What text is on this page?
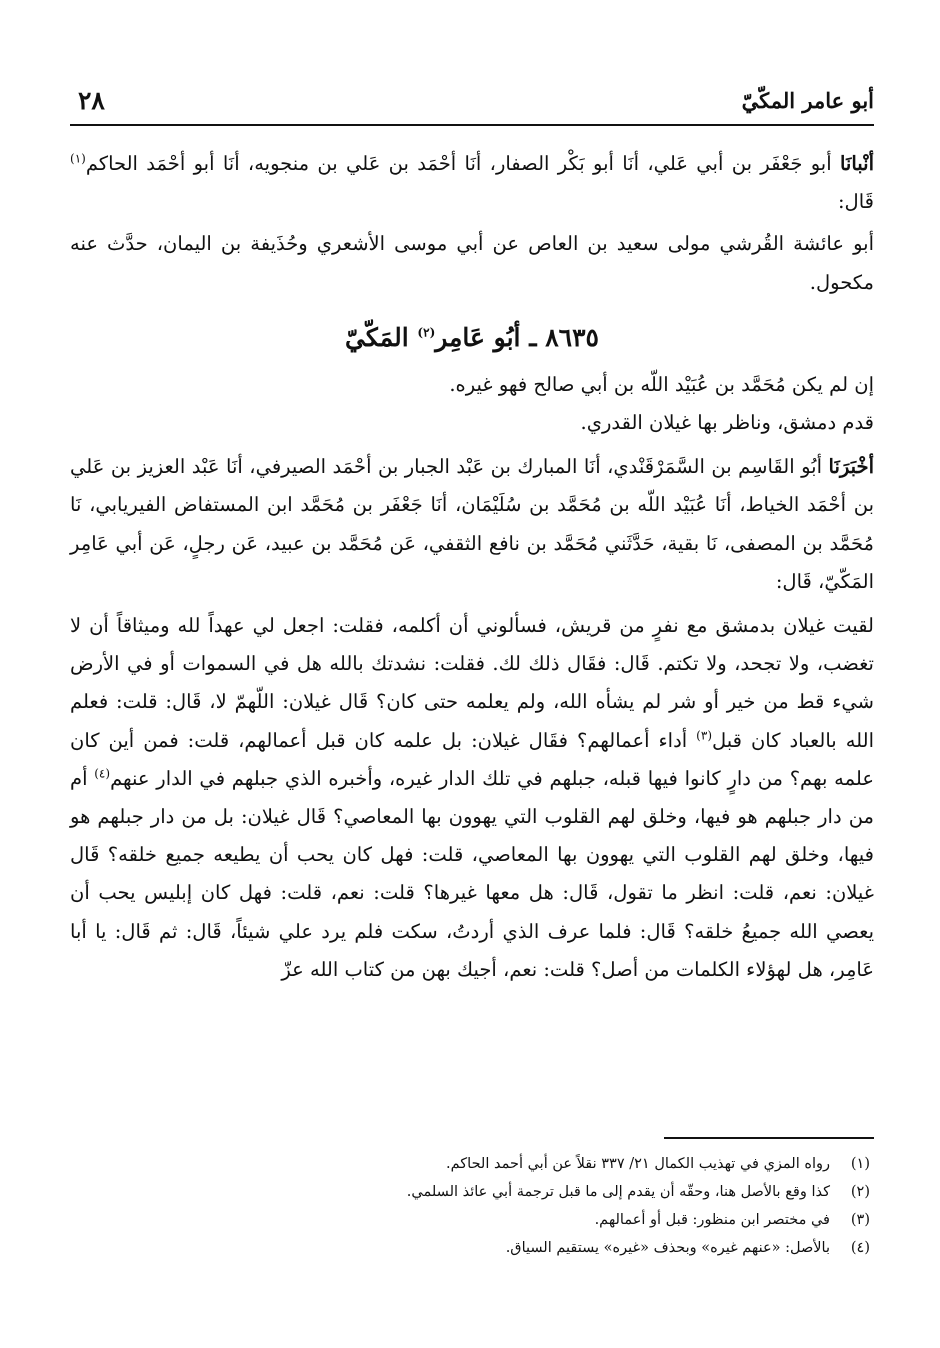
أبو عامر المكّيّ
٢٨

أنْبانَا أبو جَعْفَر بن أبي عَلي، أنَا أبو بَكْر الصفار، أنَا أحْمَد بن عَلي بن منجويه، أنَا أبو أحْمَد الحاكم$^{(١)}$ قَال:

أبو عائشة القُرشي مولى سعيد بن العاص عن أبي موسى الأشعري وحُذَيفة بن اليمان، حدَّث عنه مكحول.

٨٦٣٥ ـ أبُو عَامِر$^{(٢)}$ المَكّيّ

إن لم يكن مُحَمَّد بن عُبَيْد اللّه بن أبي صالح فهو غيره.

قدم دمشق، وناظر بها غيلان القدري.

أخْبَرَنَا أبُو القَاسِم بن السَّمَرْقَنْدي، أنَا المبارك بن عَبْد الجبار بن أحْمَد الصيرفي، أنَا عَبْد العزيز بن عَلي بن أحْمَد الخياط، أنَا عُبَيْد اللّه بن مُحَمَّد بن سُلَيْمَان، أنَا جَعْفَر بن مُحَمَّد ابن المستفاض الفيريابي، نَا مُحَمَّد بن المصفى، نَا بقية، حَدَّثَني مُحَمَّد بن نافع الثقفي، عَن مُحَمَّد بن عبيد، عَن رجلٍ، عَن أبي عَامِر المَكّيّ، قَال:

لقيت غيلان بدمشق مع نفرٍ من قريش، فسألوني أن أكلمه، فقلت: اجعل لي عهداً لله وميثاقاً أن لا تغضب، ولا تجحد، ولا تكتم. قَال: فقَال ذلك لك. فقلت: نشدتك بالله هل في السموات أو في الأرض شيء قط من خير أو شر لم يشأه الله، ولم يعلمه حتى كان؟ قَال غيلان: اللّهمّ لا، قَال: قلت: فعلم الله بالعباد كان قبل$^{(٣)}$ أداء أعمالهم؟ فقَال غيلان: بل علمه كان قبل أعمالهم، قلت: فمن أين كان علمه بهم؟ من دارٍ كانوا فيها قبله، جبلهم في تلك الدار غيره، وأخبره الذي جبلهم في الدار عنهم$^{(٤)}$ أم من دار جبلهم هو فيها، وخلق لهم القلوب التي يهوون بها المعاصي؟ قَال غيلان: بل من دار جبلهم هو فيها، وخلق لهم القلوب التي يهوون بها المعاصي، قلت: فهل كان يحب أن يطيعه جميع خلقه؟ قَال غيلان: نعم، قلت: انظر ما تقول، قَال: هل معها غيرها؟ قلت: نعم، قلت: فهل كان إبليس يحب أن يعصي الله جميعُ خلقه؟ قَال: فلما عرف الذي أردتُ، سكت فلم يرد علي شيئاً، قَال: ثم قَال: يا أبا عَامِر، هل لهؤلاء الكلمات من أصل؟ قلت: نعم، أجيك بهن من كتاب الله عزّ

(١)
رواه المزي في تهذيب الكمال ٢١/ ٣٣٧ نقلاً عن أبي أحمد الحاكم.
(٢)
كذا وقع بالأصل هنا، وحقّه أن يقدم إلى ما قبل ترجمة أبي عائذ السلمي.
(٣)
في مختصر ابن منظور: قبل أو أعمالهم.
(٤)
بالأصل: «عنهم غيره» وبحذف «غيره» يستقيم السياق.
